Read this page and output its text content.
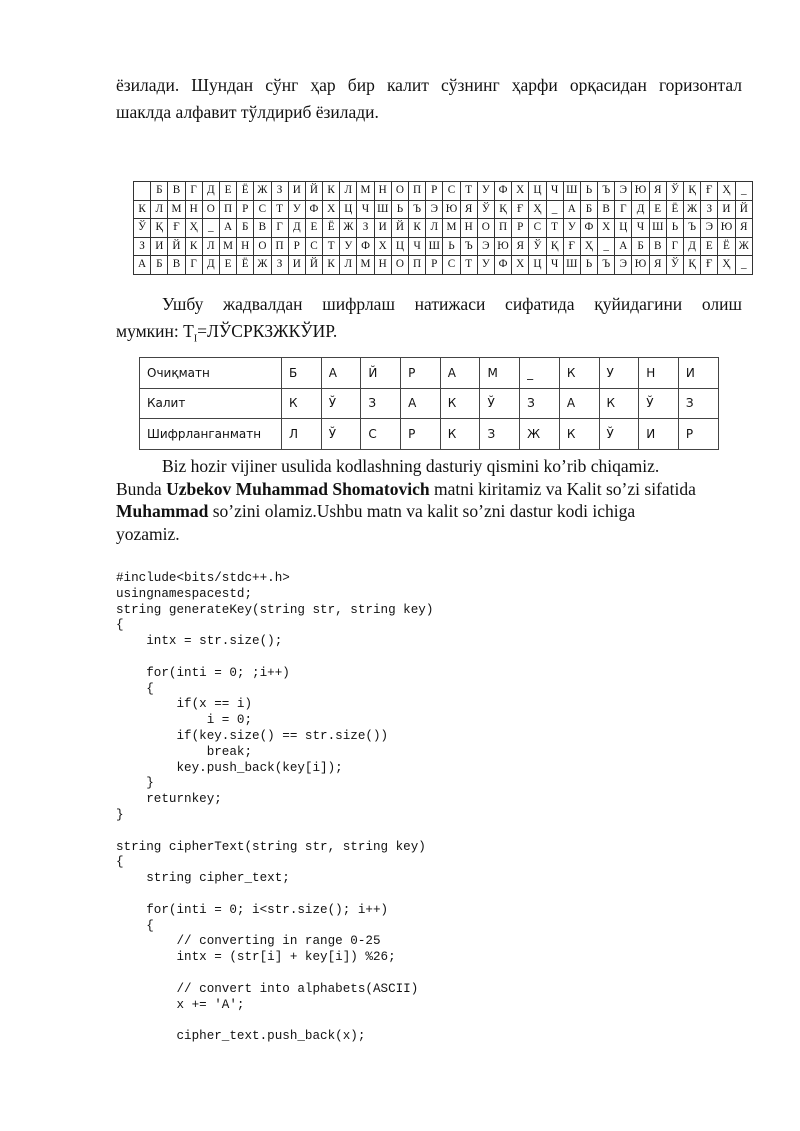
ёзилади. Шундан сўнг ҳар бир калит сўзнинг ҳарфи орқасидан горизонтал
шаклда алфавит тўлдириб ёзилади.
	Б	В	Г	Д	Е	Ё	Ж	З	И	Й	К	Л	М	Н	О	П	Р	С	Т	У	Ф	Х	Ц	Ч	Ш	Ь	Ъ	Э	Ю	Я	Ў	Қ	Ғ	Ҳ	_
К	Л	М	Н	О	П	Р	С	Т	У	Ф	Х	Ц	Ч	Ш	Ь	Ъ	Э	Ю	Я	Ў	Қ	Ғ	Ҳ	_	А	Б	В	Г	Д	Е	Ё	Ж	З	И	Й
Ў	Қ	Ғ	Ҳ	_	А	Б	В	Г	Д	Е	Ё	Ж	З	И	Й	К	Л	М	Н	О	П	Р	С	Т	У	Ф	Х	Ц	Ч	Ш	Ь	Ъ	Э	Ю	Я
З	И	Й	К	Л	М	Н	О	П	Р	С	Т	У	Ф	Х	Ц	Ч	Ш	Ь	Ъ	Э	Ю	Я	Ў	Қ	Ғ	Ҳ	_	А	Б	В	Г	Д	Е	Ё	Ж
А	Б	В	Г	Д	Е	Ё	Ж	З	И	Й	К	Л	М	Н	О	П	Р	С	Т	У	Ф	Х	Ц	Ч	Ш	Ь	Ъ	Э	Ю	Я	Ў	Қ	Ғ	Ҳ	_
Ушбу жадвалдан шифрлаш натижаси сифатида қуйидагини олиш
мумкин: $T_I=ЛЎСРКЗЖКЎИР$.
Очиқматн	Б	А	Й	Р	А	М	_	К	У	Н	И
Калит	К	Ў	З	А	К	Ў	З	А	К	Ў	З
Шифрланганматн	Л	Ў	С	Р	К	З	Ж	К	Ў	И	Р
Biz hozir vijiner usulida kodlashning dasturiy qismini ko’rib chiqamiz.
Bunda Uzbekov Muhammad Shomatovich matni kiritamiz va Kalit so’zi sifatida
Muhammad so’zini olamiz.Ushbu matn va kalit so’zni dastur kodi ichiga
yozamiz.
#include<bits/stdc++.h>
usingnamespacestd;
string generateKey(string str, string key)
{
intx = str.size();
for(inti = 0; ;i++)
{
if(x == i)
i = 0;
if(key.size() == str.size())
break;
key.push_back(key[i]);
}
returnkey;
}
string cipherText(string str, string key)
{
string cipher_text;
for(inti = 0; i<str.size(); i++)
{
// converting in range 0-25
intx = (str[i] + key[i]) %26;
// convert into alphabets(ASCII)
x += 'A';
cipher_text.push_back(x);
